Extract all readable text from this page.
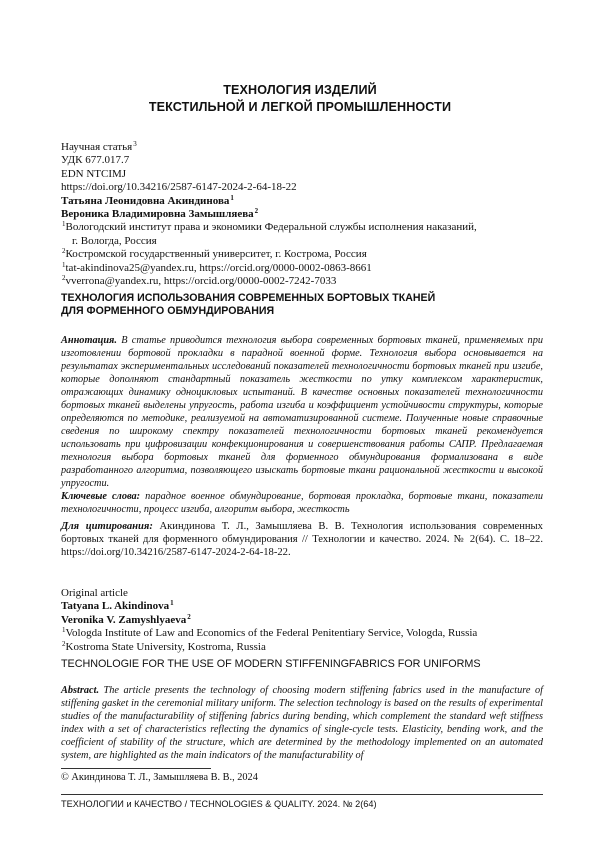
ТЕХНОЛОГИЯ ИЗДЕЛИЙ
ТЕКСТИЛЬНОЙ И ЛЕГКОЙ ПРОМЫШЛЕННОСТИ
Научная статья$^3$
УДК 677.017.7
EDN NTCIMJ
https://doi.org/10.34216/2587-6147-2024-2-64-18-22
Татьяна Леонидовна Акиндинова$^1$
Вероника Владимировна Замышляева$^2$
$^1$Вологодский институт права и экономики Федеральной службы исполнения наказаний,
г. Вологда, Россия
$^2$Костромской государственный университет, г. Кострома, Россия
$^1$tat-akindinova25@yandex.ru, https://orcid.org/0000-0002-0863-8661
$^2$vverrona@yandex.ru, https://orcid.org/0000-0002-7242-7033
ТЕХНОЛОГИЯ ИСПОЛЬЗОВАНИЯ СОВРЕМЕННЫХ БОРТОВЫХ ТКАНЕЙ
ДЛЯ ФОРМЕННОГО ОБМУНДИРОВАНИЯ
Аннотация. В статье приводится технология выбора современных бортовых тканей, применяемых при изготовлении бортовой прокладки в парадной военной форме. Технология выбора основывается на результатах экспериментальных исследований показателей технологичности бортовых тканей при изгибе, которые дополняют стандартный показатель жесткости по утку комплексом характеристик, отражающих динамику одноцикловых испытаний. В качестве основных показателей технологичности бортовых тканей выделены упругость, работа изгиба и коэффициент устойчивости структуры, которые определяются по методике, реализуемой на автоматизированной системе. Полученные новые справочные сведения по широкому спектру показателей технологичности бортовых тканей рекомендуется использовать при цифровизации конфекционирования и совершенствования работы САПР. Предлагаемая технология выбора бортовых тканей для форменного обмундирования формализована в виде разработанного алгоритма, позволяющего изыскать бортовые ткани рациональной жесткости и высокой упругости.
Ключевые слова: парадное военное обмундирование, бортовая прокладка, бортовые ткани, показатели технологичности, процесс изгиба, алгоритм выбора, жесткость
Для цитирования: Акиндинова Т. Л., Замышляева В. В. Технология использования современных бортовых тканей для форменного обмундирования // Технологии и качество. 2024. № 2(64). С. 18–22. https://doi.org/10.34216/2587-6147-2024-2-64-18-22.
Original article
Tatyana L. Akindinova$^1$
Veronika V. Zamyshlyaeva$^2$
$^1$Vologda Institute of Law and Economics of the Federal Penitentiary Service, Vologda, Russia
$^2$Kostroma State University, Kostroma, Russia
TECHNOLOGIE FOR THE USE OF MODERN STIFFENINGFABRICS FOR UNIFORMS
Abstract. The article presents the technology of choosing modern stiffening fabrics used in the manufacture of stiffening gasket in the ceremonial military uniform. The selection technology is based on the results of experimental studies of the manufacturability of stiffening fabrics during bending, which complement the standard weft stiffness index with a set of characteristics reflecting the dynamics of single-cycle tests. Elasticity, bending work, and the coefficient of stability of the structure, which are determined by the methodology implemented on an automated system, are highlighted as the main indicators of the manufacturability of
© Акиндинова Т. Л., Замышляева В. В., 2024
ТЕХНОЛОГИИ и КАЧЕСТВО / TECHNOLOGIES & QUALITY. 2024. № 2(64)
